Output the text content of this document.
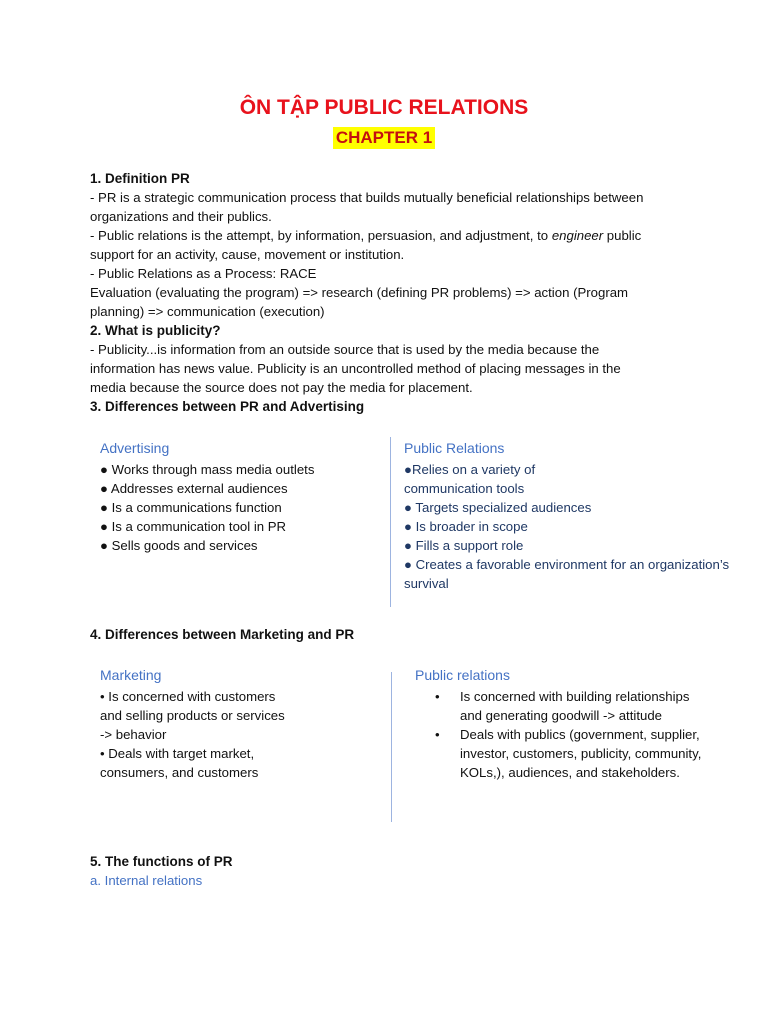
ÔN TẬP PUBLIC RELATIONS
CHAPTER 1
1. Definition PR
- PR is a strategic communication process that builds mutually beneficial relationships between
organizations and their publics.
- Public relations is the attempt, by information, persuasion, and adjustment, to engineer public
support for an activity, cause, movement or institution.
- Public Relations as a Process: RACE
Evaluation (evaluating the program) => research (defining PR problems) => action (Program
planning) => communication (execution)
2. What is publicity?
- Publicity...is information from an outside source that is used by the media because the
information has news value. Publicity is an uncontrolled method of placing messages in the
media because the source does not pay the media for placement.
3. Differences between PR and Advertising
Advertising
● Works through mass media outlets
● Addresses external audiences
● Is a communications function
● Is a communication tool in PR
● Sells goods and services
Public Relations
●Relies on a variety of
communication tools
● Targets specialized audiences
● Is broader in scope
● Fills a support role
● Creates a favorable environment for an organization’s
survival
4. Differences between Marketing and PR
Marketing
• Is concerned with customers
and selling products or services
-> behavior
• Deals with target market,
consumers, and customers
Public relations
• Is concerned with building relationships
and generating goodwill -> attitude
• Deals with publics (government, supplier,
investor, customers, publicity, community,
KOLs,), audiences, and stakeholders.
5. The functions of PR
a. Internal relations
